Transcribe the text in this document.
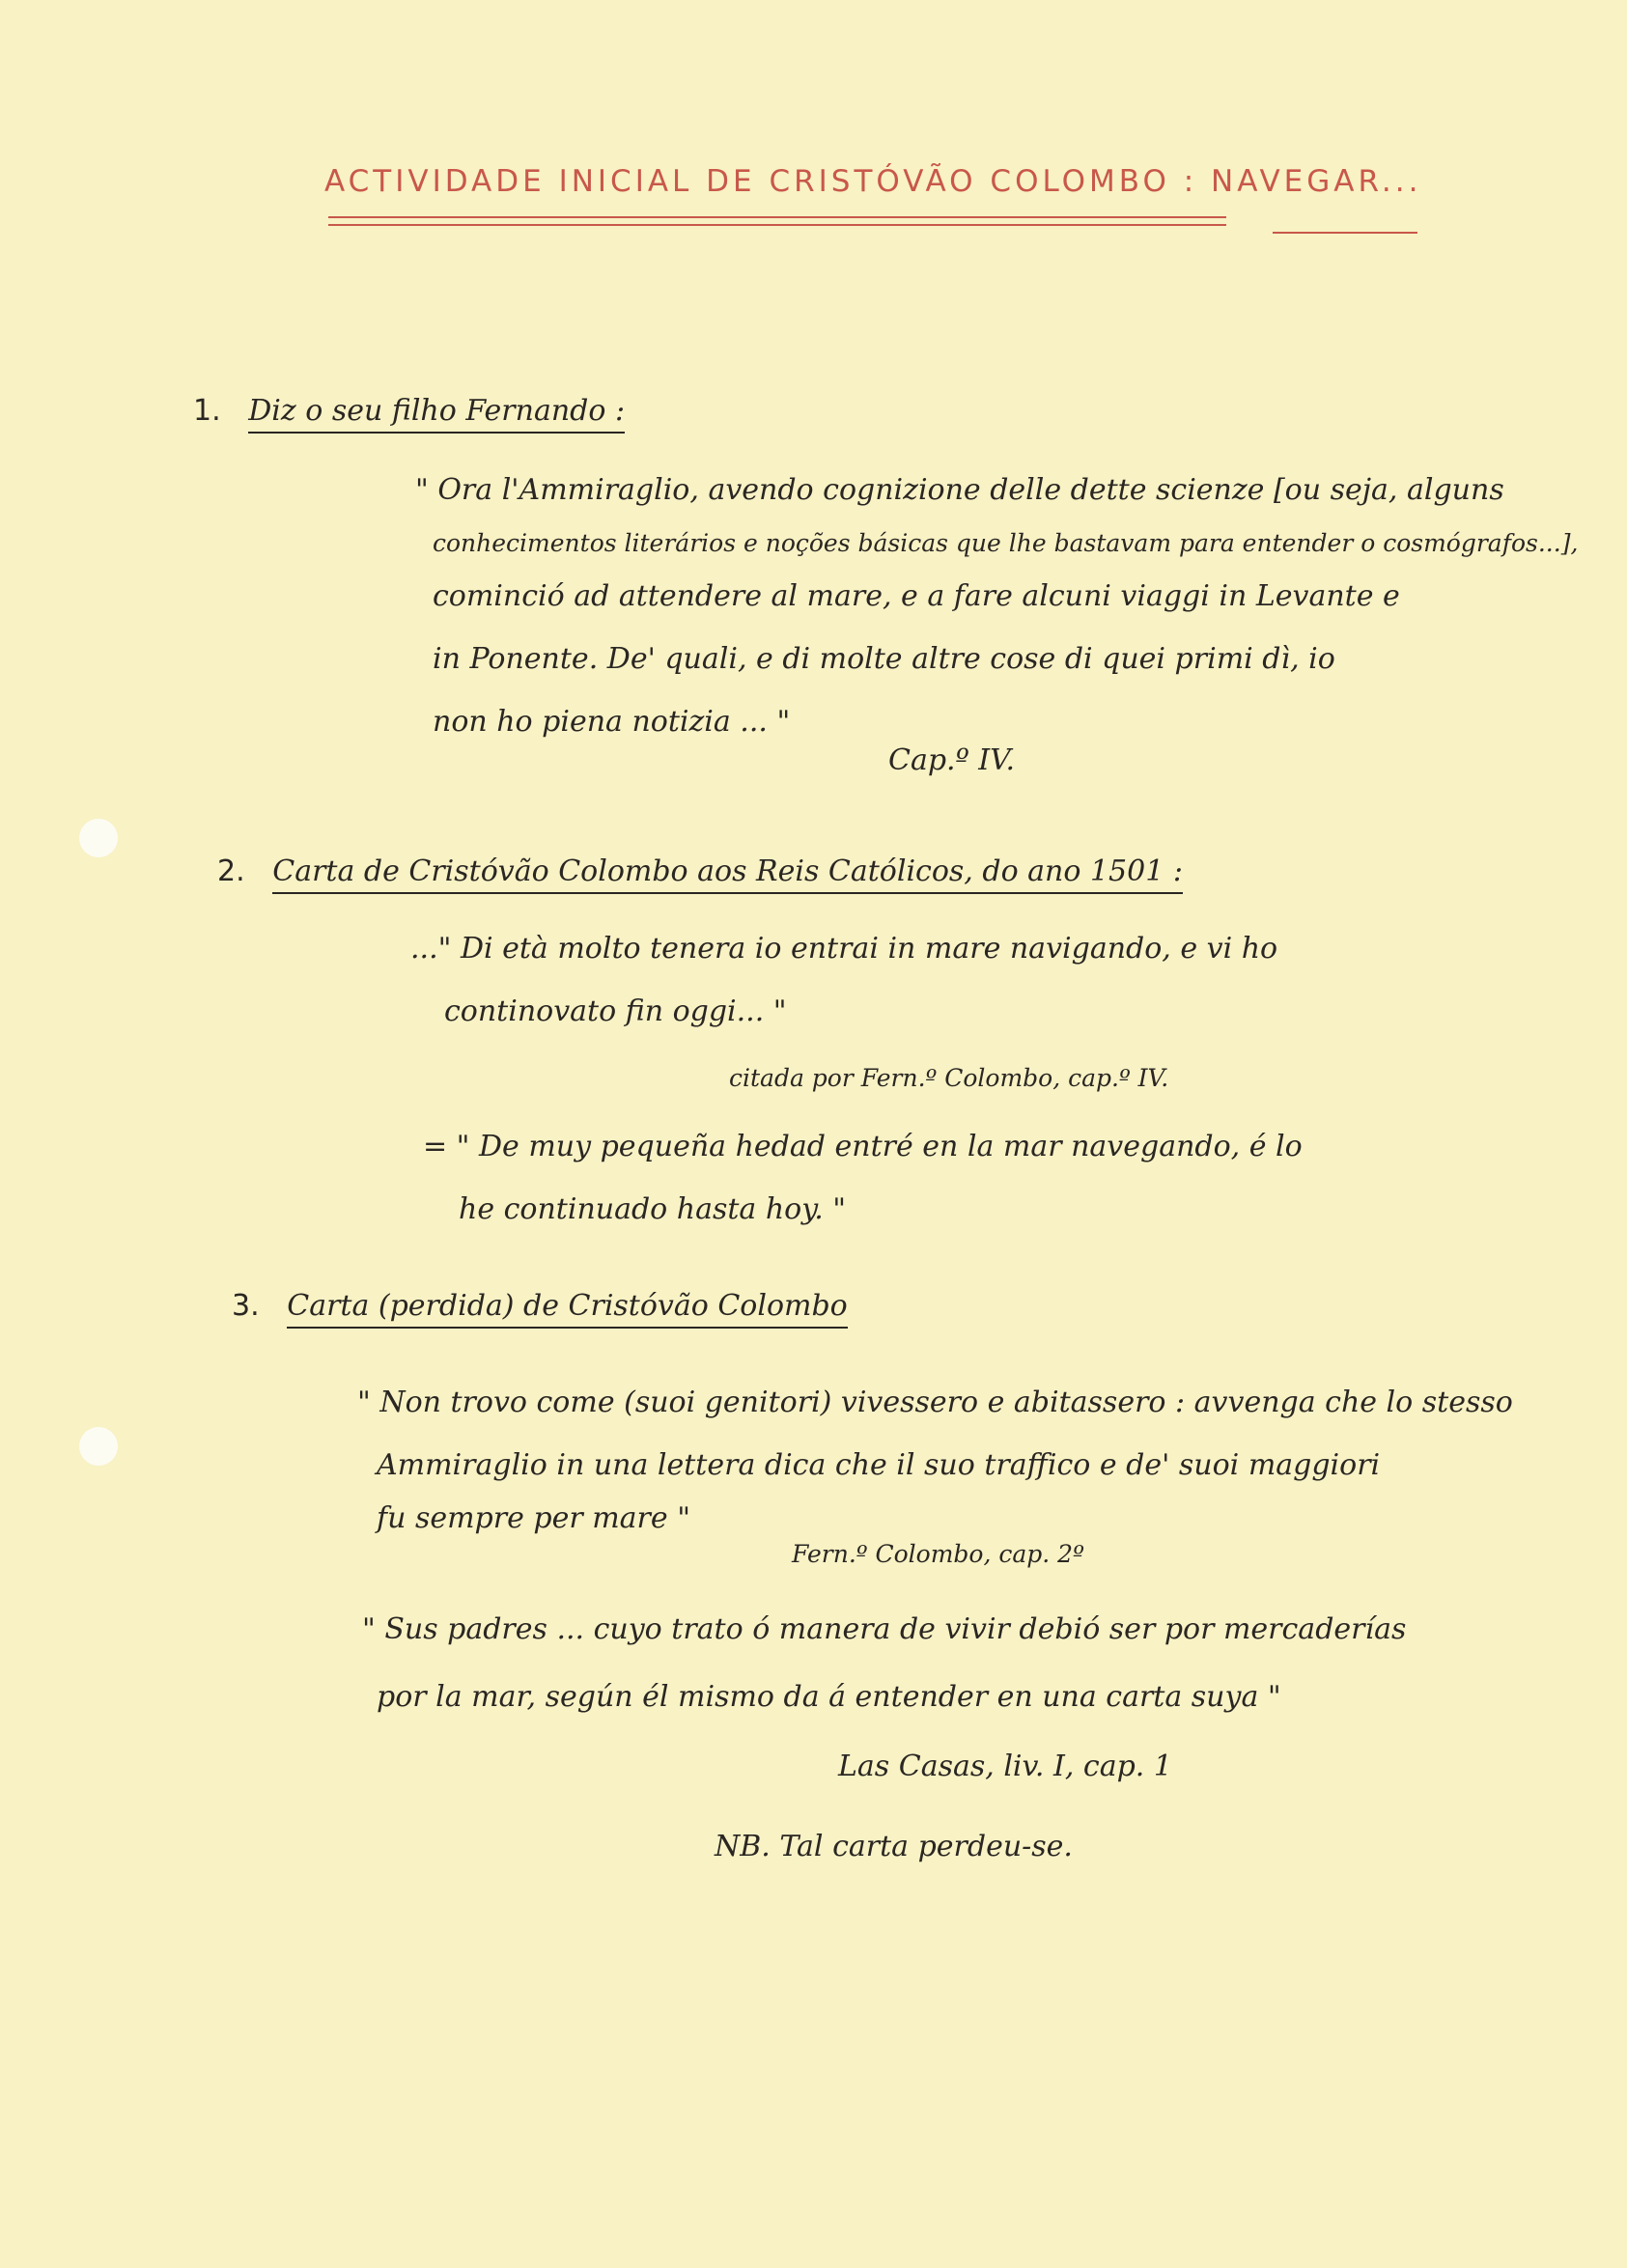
ACTIVIDADE INICIAL DE CRISTÓVÃO COLOMBO : NAVEGAR...
1. Diz o seu filho Fernando :
" Ora l'Ammiraglio, avendo cognizione delle dette scienze [ou seja, alguns
conhecimentos literários e noções básicas que lhe bastavam para entender o cosmógrafos...],
cominció ad attendere al mare, e a fare alcuni viaggi in Levante e
in Ponente. De' quali, e di molte altre cose di quei primi dì, io
non ho piena notizia ... "
Cap.º IV.
2. Carta de Cristóvão Colombo aos Reis Católicos, do ano 1501 :
..." Di età molto tenera io entrai in mare navigando, e vi ho
continovato fin oggi... "
citada por Fern.º Colombo, cap.º IV.
= " De muy pequeña hedad entré en la mar navegando, é lo
he continuado hasta hoy. "
3. Carta (perdida) de Cristóvão Colombo
" Non trovo come (suoi genitori) vivessero e abitassero : avvenga che lo stesso
Ammiraglio in una lettera dica che il suo traffico e de' suoi maggiori
fu sempre per mare "
Fern.º Colombo, cap. 2º
" Sus padres ... cuyo trato ó manera de vivir debió ser por mercaderías
por la mar, según él mismo da á entender en una carta suya "
Las Casas, liv. I, cap. 1
NB. Tal carta perdeu-se.
